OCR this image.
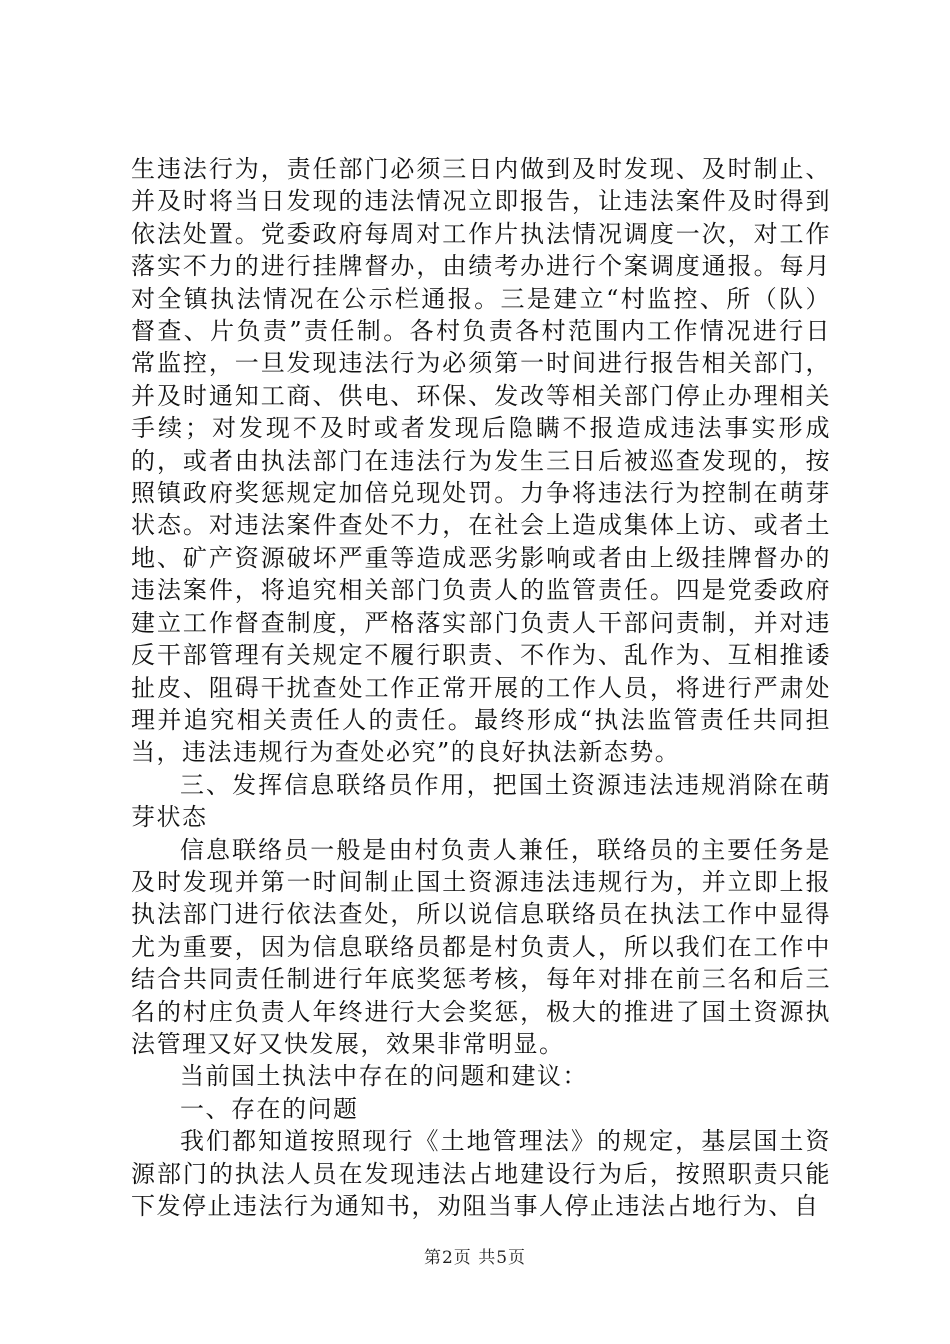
生违法行为，责任部门必须三日内做到及时发现、及时制止、并及时将当日发现的违法情况立即报告，让违法案件及时得到依法处置。党委政府每周对工作片执法情况调度一次，对工作落实不力的进行挂牌督办，由绩考办进行个案调度通报。每月对全镇执法情况在公示栏通报。三是建立“村监控、所（队）督查、片负责”责任制。各村负责各村范围内工作情况进行日常监控，一旦发现违法行为必须第一时间进行报告相关部门，并及时通知工商、供电、环保、发改等相关部门停止办理相关手续；对发现不及时或者发现后隐瞒不报造成违法事实形成的，或者由执法部门在违法行为发生三日后被巡查发现的，按照镇政府奖惩规定加倍兑现处罚。力争将违法行为控制在萌芽状态。对违法案件查处不力，在社会上造成集体上访、或者土地、矿产资源破坏严重等造成恶劣影响或者由上级挂牌督办的违法案件，将追究相关部门负责人的监管责任。四是党委政府建立工作督查制度，严格落实部门负责人干部问责制，并对违反干部管理有关规定不履行职责、不作为、乱作为、互相推诿扯皮、阻碍干扰查处工作正常开展的工作人员，将进行严肃处理并追究相关责任人的责任。最终形成“执法监管责任共同担当，违法违规行为查处必究”的良好执法新态势。

三、发挥信息联络员作用，把国土资源违法违规消除在萌芽状态

信息联络员一般是由村负责人兼任，联络员的主要任务是及时发现并第一时间制止国土资源违法违规行为，并立即上报执法部门进行依法查处，所以说信息联络员在执法工作中显得尤为重要，因为信息联络员都是村负责人，所以我们在工作中结合共同责任制进行年底奖惩考核，每年对排在前三名和后三名的村庄负责人年终进行大会奖惩，极大的推进了国土资源执法管理又好又快发展，效果非常明显。

当前国土执法中存在的问题和建议：

一、存在的问题

我们都知道按照现行《土地管理法》的规定，基层国土资源部门的执法人员在发现违法占地建设行为后，按照职责只能下发停止违法行为通知书，劝阻当事人停止违法占地行为、自

第2页 共5页
